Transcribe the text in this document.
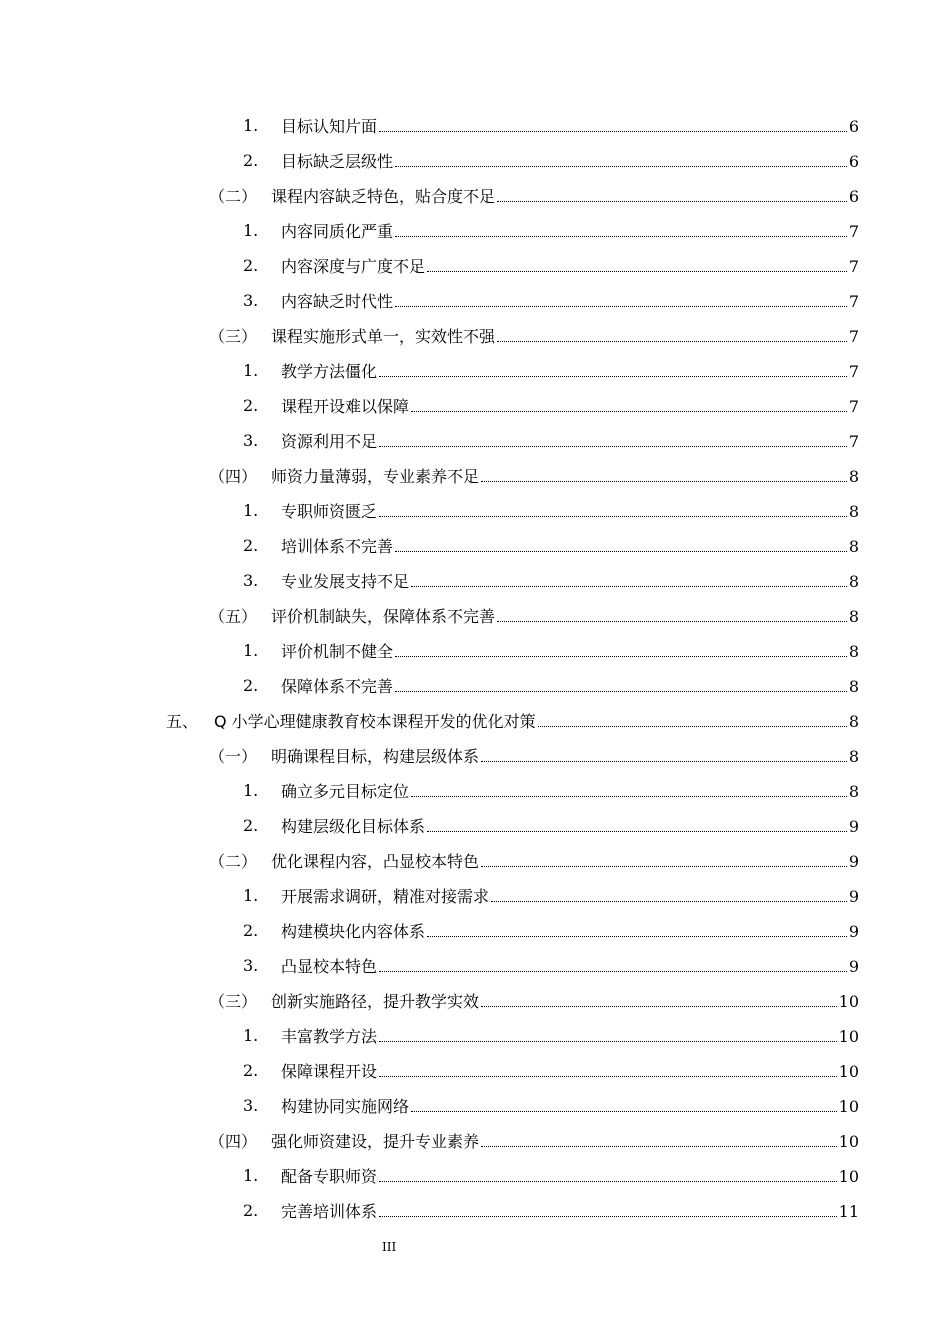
1. 目标认知片面	6
2. 目标缺乏层级性	6
（二） 课程内容缺乏特色，贴合度不足	6
1. 内容同质化严重	7
2. 内容深度与广度不足	7
3. 内容缺乏时代性	7
（三） 课程实施形式单一，实效性不强	7
1. 教学方法僵化	7
2. 课程开设难以保障	7
3. 资源利用不足	7
（四） 师资力量薄弱，专业素养不足	8
1. 专职师资匮乏	8
2. 培训体系不完善	8
3. 专业发展支持不足	8
（五） 评价机制缺失，保障体系不完善	8
1. 评价机制不健全	8
2. 保障体系不完善	8
五、 Q 小学心理健康教育校本课程开发的优化对策	8
（一） 明确课程目标，构建层级体系	8
1. 确立多元目标定位	8
2. 构建层级化目标体系	9
（二） 优化课程内容，凸显校本特色	9
1. 开展需求调研，精准对接需求	9
2. 构建模块化内容体系	9
3. 凸显校本特色	9
（三） 创新实施路径，提升教学实效	10
1. 丰富教学方法	10
2. 保障课程开设	10
3. 构建协同实施网络	10
（四） 强化师资建设，提升专业素养	10
1. 配备专职师资	10
2. 完善培训体系	11
III
